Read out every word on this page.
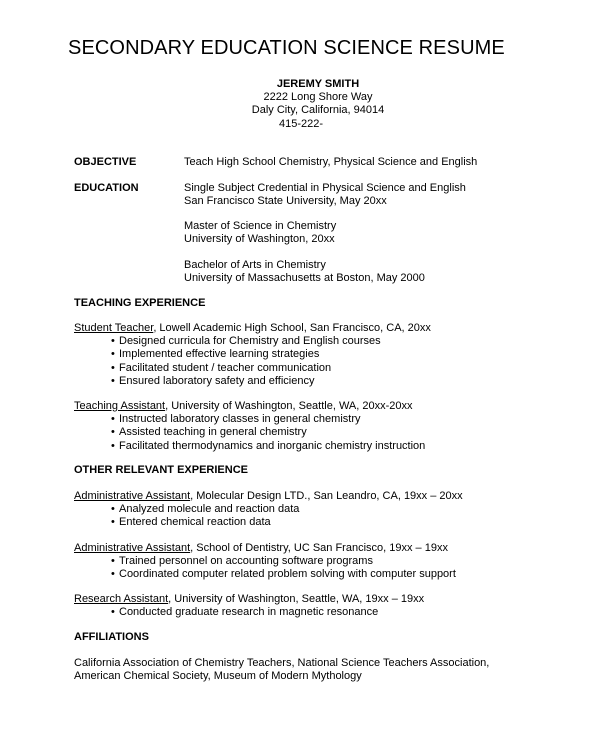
SECONDARY EDUCATION SCIENCE RESUME
JEREMY SMITH
2222 Long Shore Way
Daly City, California, 94014
415-222-
OBJECTIVE	Teach High School Chemistry, Physical Science and English
EDUCATION	Single Subject Credential in Physical Science and English
San Francisco State University, May 20xx
Master of Science in Chemistry
University of Washington, 20xx
Bachelor of Arts in Chemistry
University of Massachusetts at Boston, May 2000
TEACHING EXPERIENCE
Student Teacher, Lowell Academic High School, San Francisco, CA, 20xx
• Designed curricula for Chemistry and English courses
• Implemented effective learning strategies
• Facilitated student / teacher communication
• Ensured laboratory safety and efficiency
Teaching Assistant, University of Washington, Seattle, WA, 20xx-20xx
• Instructed laboratory classes in general chemistry
• Assisted teaching in general chemistry
• Facilitated thermodynamics and inorganic chemistry instruction
OTHER RELEVANT EXPERIENCE
Administrative Assistant, Molecular Design LTD., San Leandro, CA, 19xx – 20xx
• Analyzed molecule and reaction data
• Entered chemical reaction data
Administrative Assistant, School of Dentistry, UC San Francisco, 19xx – 19xx
• Trained personnel on accounting software programs
• Coordinated computer related problem solving with computer support
Research Assistant, University of Washington, Seattle, WA, 19xx – 19xx
• Conducted graduate research in magnetic resonance
AFFILIATIONS
California Association of Chemistry Teachers, National Science Teachers Association,
American Chemical Society, Museum of Modern Mythology
